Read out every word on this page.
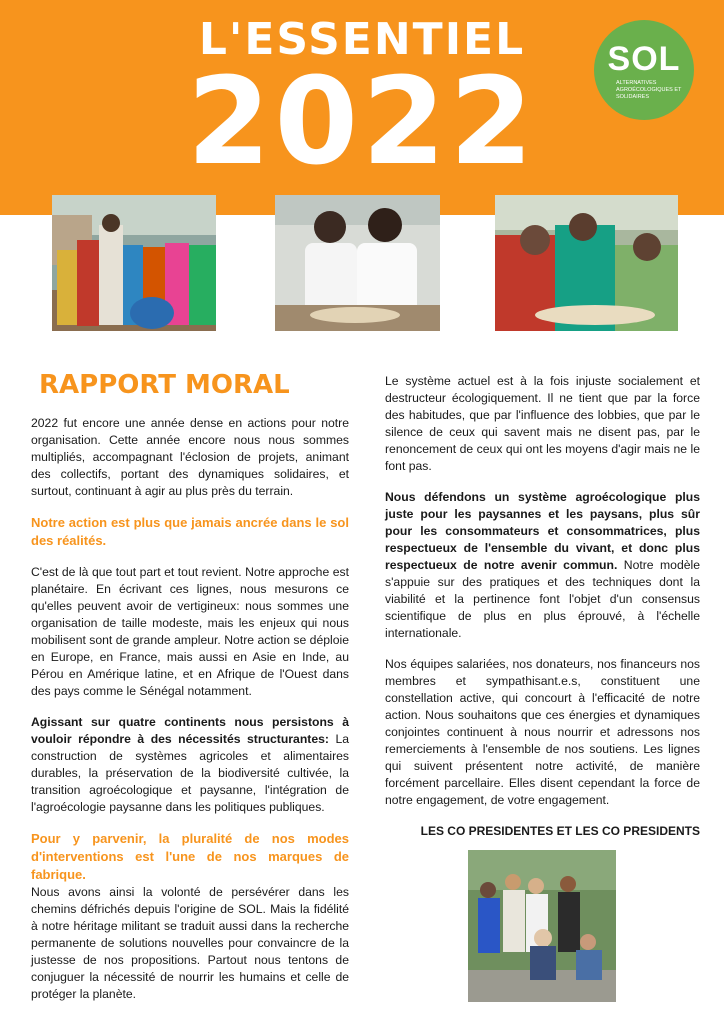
L'ESSENTIEL
2022	SOL
ALTERNATIVES AGROÉCOLOGIQUES ET SOLIDAIRES
RAPPORT MORAL

2022 fut encore une année dense en actions pour notre organisation. Cette année encore nous nous sommes multipliés, accompagnant l'éclosion de projets, animant des collectifs, portant des dynamiques solidaires, et surtout, continuant à agir au plus près du terrain.

Notre action est plus que jamais ancrée dans le sol des réalités.

C'est de là que tout part et tout revient. Notre approche est planétaire. En écrivant ces lignes, nous mesurons ce qu'elles peuvent avoir de vertigineux: nous sommes une organisation de taille modeste, mais les enjeux qui nous mobilisent sont de grande ampleur. Notre action se déploie en Europe, en France, mais aussi en Asie en Inde, au Pérou en Amérique latine, et en Afrique de l'Ouest dans des pays comme le Sénégal notamment.

Agissant sur quatre continents nous persistons à vouloir répondre à des nécessités structurantes: La construction de systèmes agricoles et alimentaires durables, la préservation de la biodiversité cultivée, la transition agroécologique et paysanne, l'intégration de l'agroécologie paysanne dans les politiques publiques.

Pour y parvenir, la pluralité de nos modes d'interventions est l'une de nos marques de fabrique.

Nous avons ainsi la volonté de persévérer dans les chemins défrichés depuis l'origine de SOL. Mais la fidélité à notre héritage militant se traduit aussi dans la recherche permanente de solutions nouvelles pour convaincre de la justesse de nos propositions. Partout nous tentons de conjuguer la nécessité de nourrir les humains et celle de protéger la planète.

Le système actuel est à la fois injuste socialement et destructeur écologiquement. Il ne tient que par la force des habitudes, que par l'influence des lobbies, que par le silence de ceux qui savent mais ne disent pas, par le renoncement de ceux qui ont les moyens d'agir mais ne le font pas.

Nous défendons un système agroécologique plus juste pour les paysannes et les paysans, plus sûr pour les consommateurs et consommatrices, plus respectueux de l'ensemble du vivant, et donc plus respectueux de notre avenir commun. Notre modèle s'appuie sur des pratiques et des techniques dont la viabilité et la pertinence font l'objet d'un consensus scientifique de plus en plus éprouvé, à l'échelle internationale.

Nos équipes salariées, nos donateurs, nos financeurs nos membres et sympathisant.e.s, constituent une constellation active, qui concourt à l'efficacité de notre action. Nous souhaitons que ces énergies et dynamiques conjointes continuent à nous nourrir et adressons nos remerciements à l'ensemble de nos soutiens. Les lignes qui suivent présentent notre activité, de manière forcément parcellaire. Elles disent cependant la force de notre engagement, de votre engagement.

LES CO PRESIDENTES ET LES CO PRESIDENTS
